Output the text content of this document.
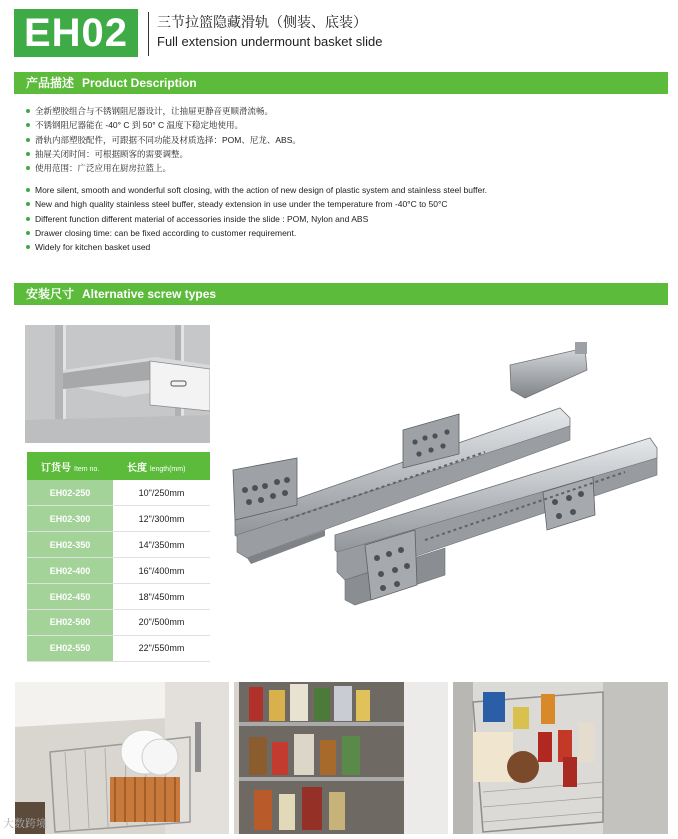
EH02	三节拉篮隐藏滑轨（侧装、底装）
Full extension undermount basket slide
产品描述 Product Description
全新塑胶组合与不锈钢阻尼器设计，让抽屉更静音更顺滑流畅。
不锈钢阻尼器能在 -40° C 到 50° C 温度下稳定地使用。
滑轨内部塑胶配件，可跟据不同功能及材质选择：POM、尼龙、ABS。
抽屉关闭时间：可根据顾客的需要调整。
使用范围：广泛应用在厨房拉篮上。
More silent, smooth and wonderful soft closing, with the action of new design of plastic system and stainless steel buffer.
New and high quality stainless steel buffer, steady extension in use under the temperature from -40°C to 50°C
Different function different material of accessories inside the slide : POM, Nylon and ABS
Drawer closing time: can be fixed according to customer requirement.
Widely for kitchen basket used
安装尺寸 Alternative screw types
订货号 Item no.	长度 length(mm)
EH02-250	10"/250mm
EH02-300	12"/300mm
EH02-350	14"/350mm
EH02-400	16"/400mm
EH02-450	18"/450mm
EH02-500	20"/500mm
EH02-550	22"/550mm
大数跨境
